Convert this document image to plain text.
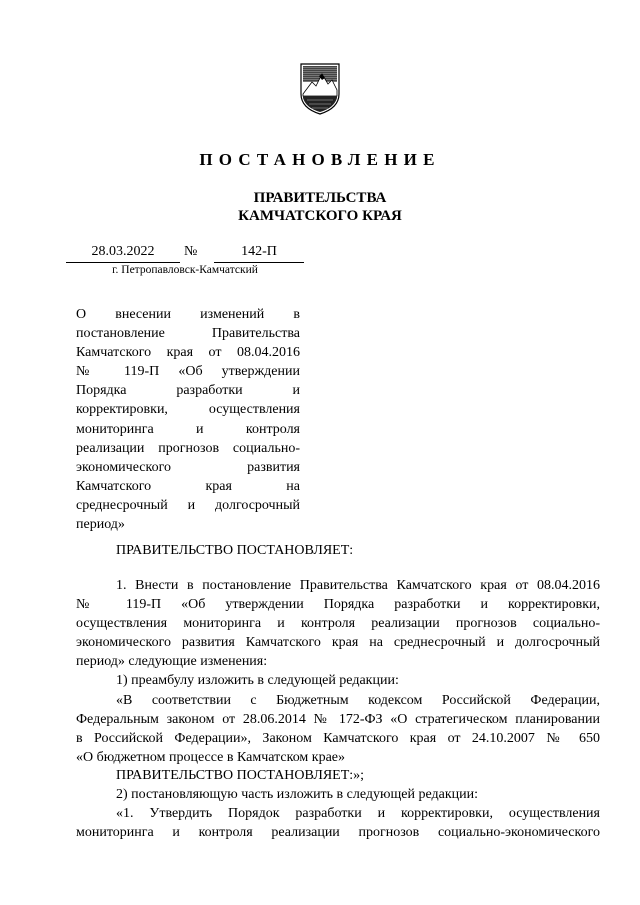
ПОСТАНОВЛЕНИЕ
ПРАВИТЕЛЬСТВА
КАМЧАТСКОГО КРАЯ
28.03.2022	№	142-П
г. Петропавловск-Камчатский
О внесении изменений в
постановление Правительства
Камчатского края от 08.04.2016
№ 119-П «Об утверждении
Порядка разработки и
корректировки, осуществления
мониторинга и контроля
реализации прогнозов социально-
экономического развития
Камчатского края на
среднесрочный и долгосрочный
период»
ПРАВИТЕЛЬСТВО ПОСТАНОВЛЯЕТ:
1. Внести в постановление Правительства Камчатского края от 08.04.2016
№ 119-П «Об утверждении Порядка разработки и корректировки,
осуществления мониторинга и контроля реализации прогнозов социально-
экономического развития Камчатского края на среднесрочный и долгосрочный
период» следующие изменения:
1) преамбулу изложить в следующей редакции:
«В соответствии с Бюджетным кодексом Российской Федерации,
Федеральным законом от 28.06.2014 № 172-ФЗ «О стратегическом планировании
в Российской Федерации», Законом Камчатского края от 24.10.2007 № 650
«О бюджетном процессе в Камчатском крае»
ПРАВИТЕЛЬСТВО ПОСТАНОВЛЯЕТ:»;
2) постановляющую часть изложить в следующей редакции:
«1. Утвердить Порядок разработки и корректировки, осуществления
мониторинга и контроля реализации прогнозов социально-экономического
